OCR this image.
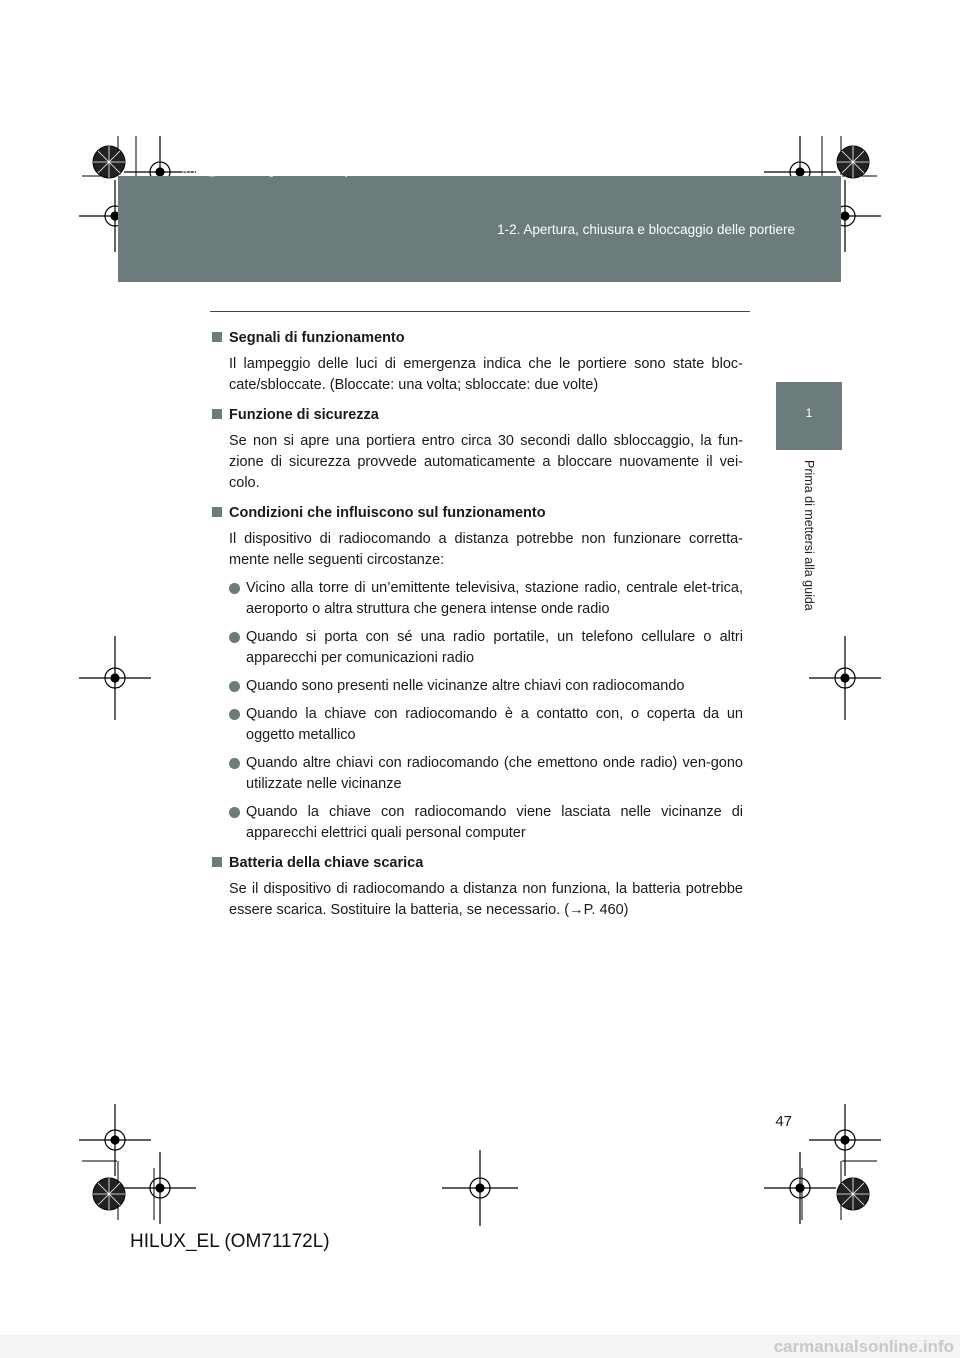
1-2. Apertura, chiusura e bloccaggio delle portiere
HILUX_EL.book Page 47 Wednesday, March 23, 2011 3:30 PM
1
Prima di mettersi alla guida
Segnali di funzionamento
Il lampeggio delle luci di emergenza indica che le portiere sono state bloc-cate/sbloccate. (Bloccate: una volta; sbloccate: due volte)
Funzione di sicurezza
Se non si apre una portiera entro circa 30 secondi dallo sbloccaggio, la fun-zione di sicurezza provvede automaticamente a bloccare nuovamente il vei-colo.
Condizioni che influiscono sul funzionamento
Il dispositivo di radiocomando a distanza potrebbe non funzionare corretta-mente nelle seguenti circostanze:
Vicino alla torre di un’emittente televisiva, stazione radio, centrale elet-trica, aeroporto o altra struttura che genera intense onde radio
Quando si porta con sé una radio portatile, un telefono cellulare o altri apparecchi per comunicazioni radio
Quando sono presenti nelle vicinanze altre chiavi con radiocomando
Quando la chiave con radiocomando è a contatto con, o coperta da un oggetto metallico
Quando altre chiavi con radiocomando (che emettono onde radio) ven-gono utilizzate nelle vicinanze
Quando la chiave con radiocomando viene lasciata nelle vicinanze di apparecchi elettrici quali personal computer
Batteria della chiave scarica
Se il dispositivo di radiocomando a distanza non funziona, la batteria potrebbe essere scarica. Sostituire la batteria, se necessario. (→P. 460)
47
HILUX_EL (OM71172L)
carmanualsonline.info
